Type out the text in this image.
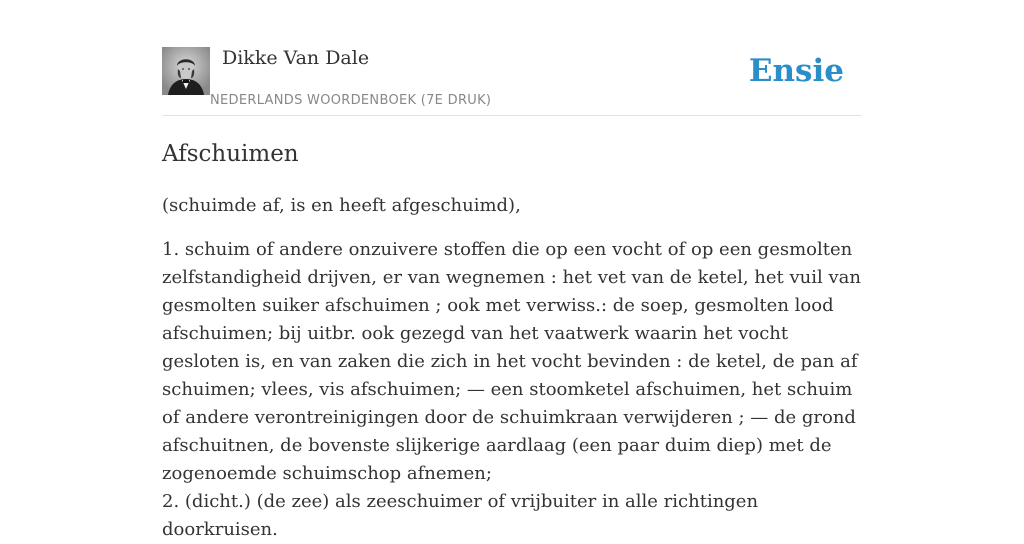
Dikke Van Dale
NEDERLANDS WOORDENBOEK (7E DRUK)
Ensie
Afschuimen

(schuimde af, is en heeft afgeschuimd),

1. schuim of andere onzuivere stoffen die op een vocht of op een gesmolten zelfstandigheid drijven, er van wegnemen : het vet van de ketel, het vuil van gesmolten suiker afschuimen ; ook met verwiss.: de soep, gesmolten lood afschuimen; bij uitbr. ook gezegd van het vaatwerk waarin het vocht gesloten is, en van zaken die zich in het vocht bevinden : de ketel, de pan af schuimen; vlees, vis afschuimen; — een stoomketel afschuimen, het schuim of andere verontreinigingen door de schuimkraan verwijderen ; — de grond afschuitnen, de bovenste slijkerige aardlaag (een paar duim diep) met de zogenoemde schuimschop afnemen;

2. (dicht.) (de zee) als zeeschuimer of vrijbuiter in alle richtingen doorkruisen.
